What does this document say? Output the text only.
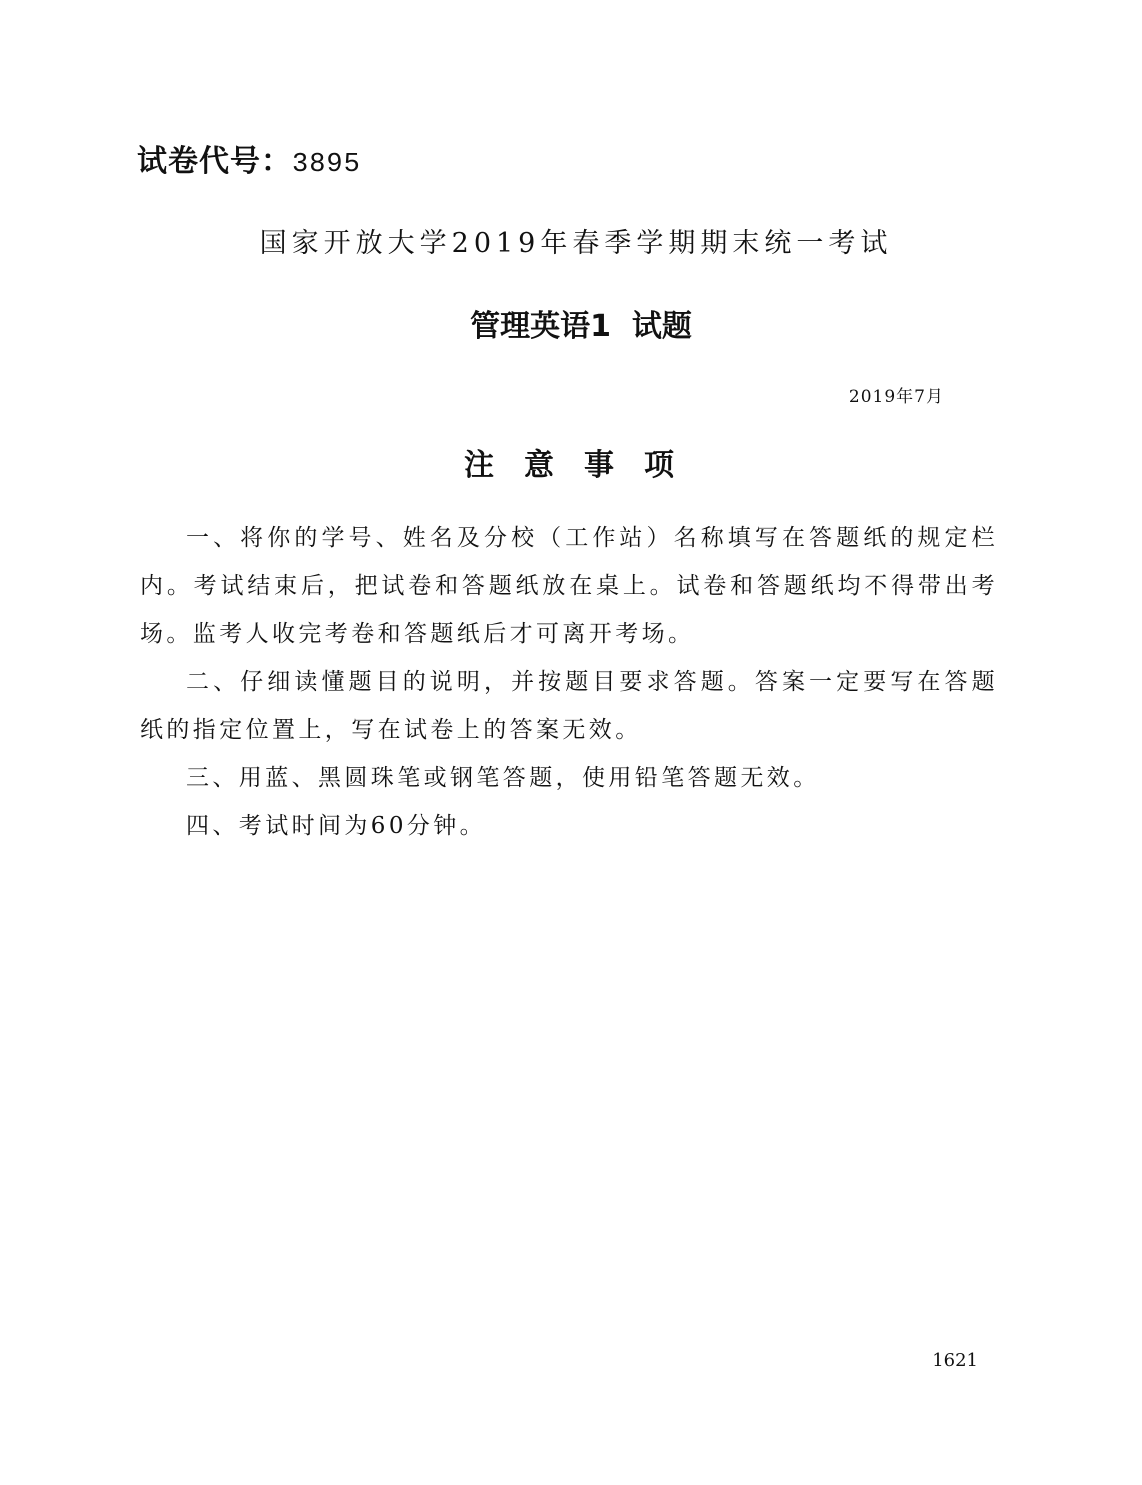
试卷代号：3895
国家开放大学2019年春季学期期末统一考试
管理英语1  试题
2019年7月
注意事项

一、将你的学号、姓名及分校（工作站）名称填写在答题纸的规定栏内。考试结束后，把试卷和答题纸放在桌上。试卷和答题纸均不得带出考场。监考人收完考卷和答题纸后才可离开考场。

二、仔细读懂题目的说明，并按题目要求答题。答案一定要写在答题纸的指定位置上，写在试卷上的答案无效。

三、用蓝、黑圆珠笔或钢笔答题，使用铅笔答题无效。

四、考试时间为60分钟。

1621
